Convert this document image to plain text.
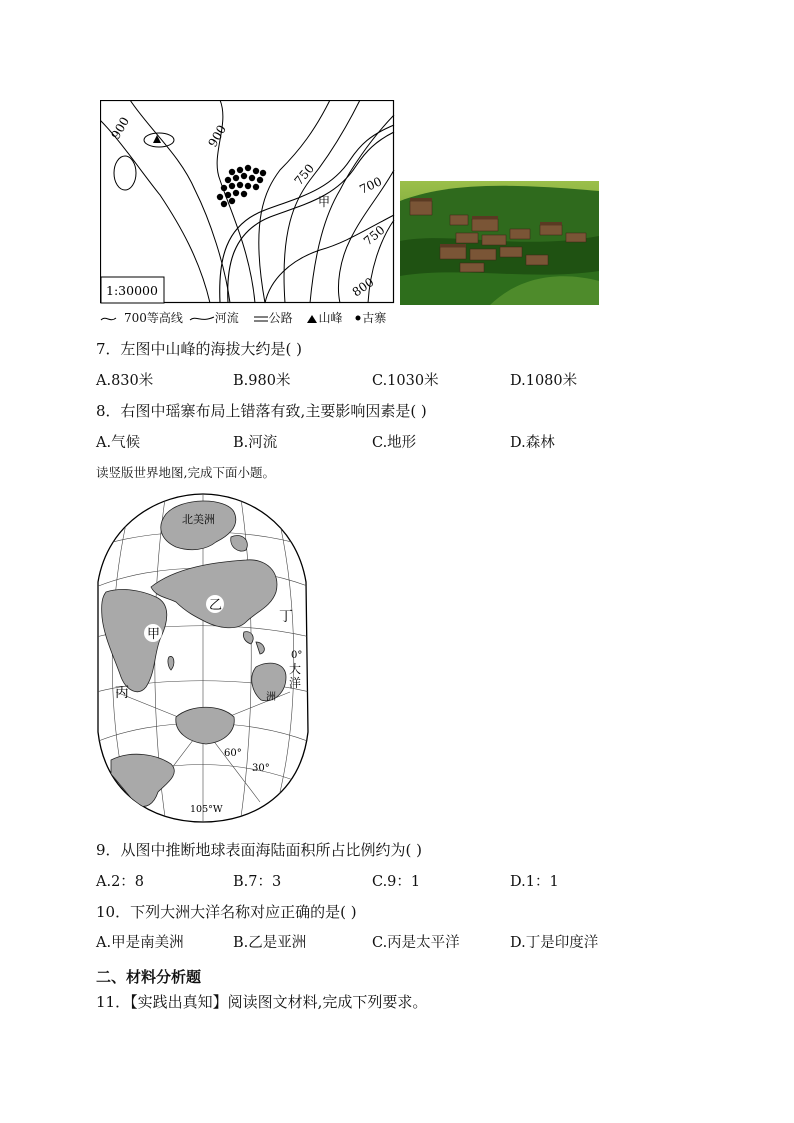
900	900
750	700
750
800
甲
1:30000
700等高线	河流 公路 山峰 古寨
7．左图中山峰的海拔大约是( )
A.830米	B.980米	C.1030米	D.1080米
8．右图中瑶寨布局上错落有致,主要影响因素是( )
A.气候	B.河流	C.地形	D.森林
读竖版世界地图,完成下面小题。
北美洲
乙
甲
丙
丁
0°
大
洋
洲
60°
30°
105°W
9．从图中推断地球表面海陆面积所占比例约为( )
A.2：8	B.7：3	C.9：1	D.1：1
10．下列大洲大洋名称对应正确的是( )
A.甲是南美洲	B.乙是亚洲	C.丙是太平洋	D.丁是印度洋
二、材料分析题
11．【实践出真知】阅读图文材料,完成下列要求。
